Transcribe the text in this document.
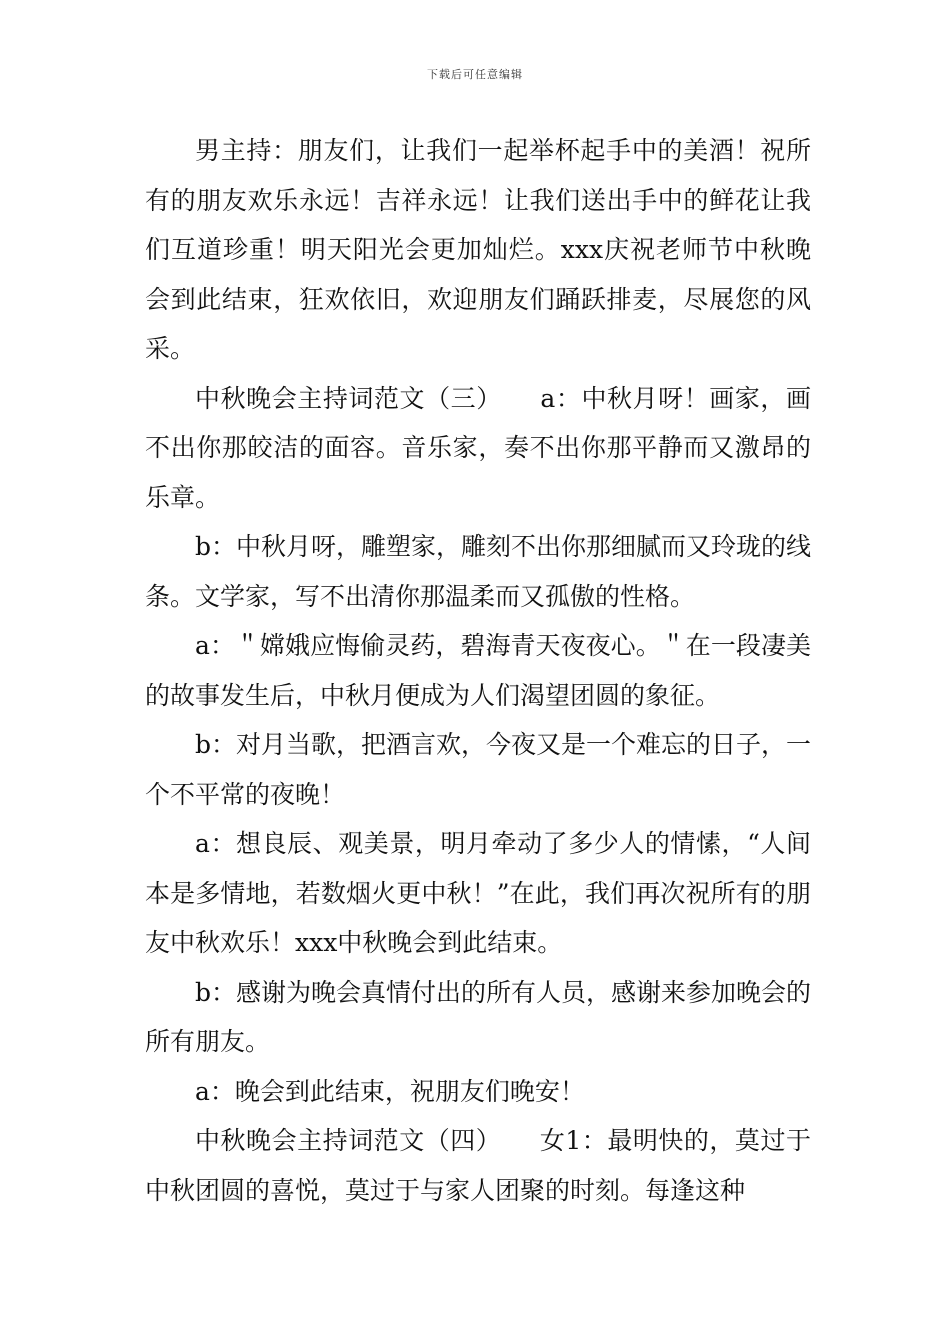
下载后可任意编辑

男主持：朋友们，让我们一起举杯起手中的美酒！祝所有的朋友欢乐永远！吉祥永远！让我们送出手中的鲜花让我们互道珍重！明天阳光会更加灿烂。xxx庆祝老师节中秋晚会到此结束，狂欢依旧，欢迎朋友们踊跃排麦，尽展您的风采。

中秋晚会主持词范文（三）　　a：中秋月呀！画家，画不出你那皎洁的面容。音乐家，奏不出你那平静而又激昂的乐章。

b：中秋月呀，雕塑家，雕刻不出你那细腻而又玲珑的线条。文学家，写不出清你那温柔而又孤傲的性格。

a：＂嫦娥应悔偷灵药，碧海青天夜夜心。＂在一段凄美的故事发生后，中秋月便成为人们渴望团圆的象征。

b：对月当歌，把酒言欢，今夜又是一个难忘的日子，一个不平常的夜晚！

a：想良辰、观美景，明月牵动了多少人的情愫，“人间本是多情地，若数烟火更中秋！”在此，我们再次祝所有的朋友中秋欢乐！xxx中秋晚会到此结束。

b：感谢为晚会真情付出的所有人员，感谢来参加晚会的所有朋友。

a：晚会到此结束，祝朋友们晚安！

中秋晚会主持词范文（四）　　女1：最明快的，莫过于中秋团圆的喜悦，莫过于与家人团聚的时刻。每逢这种
